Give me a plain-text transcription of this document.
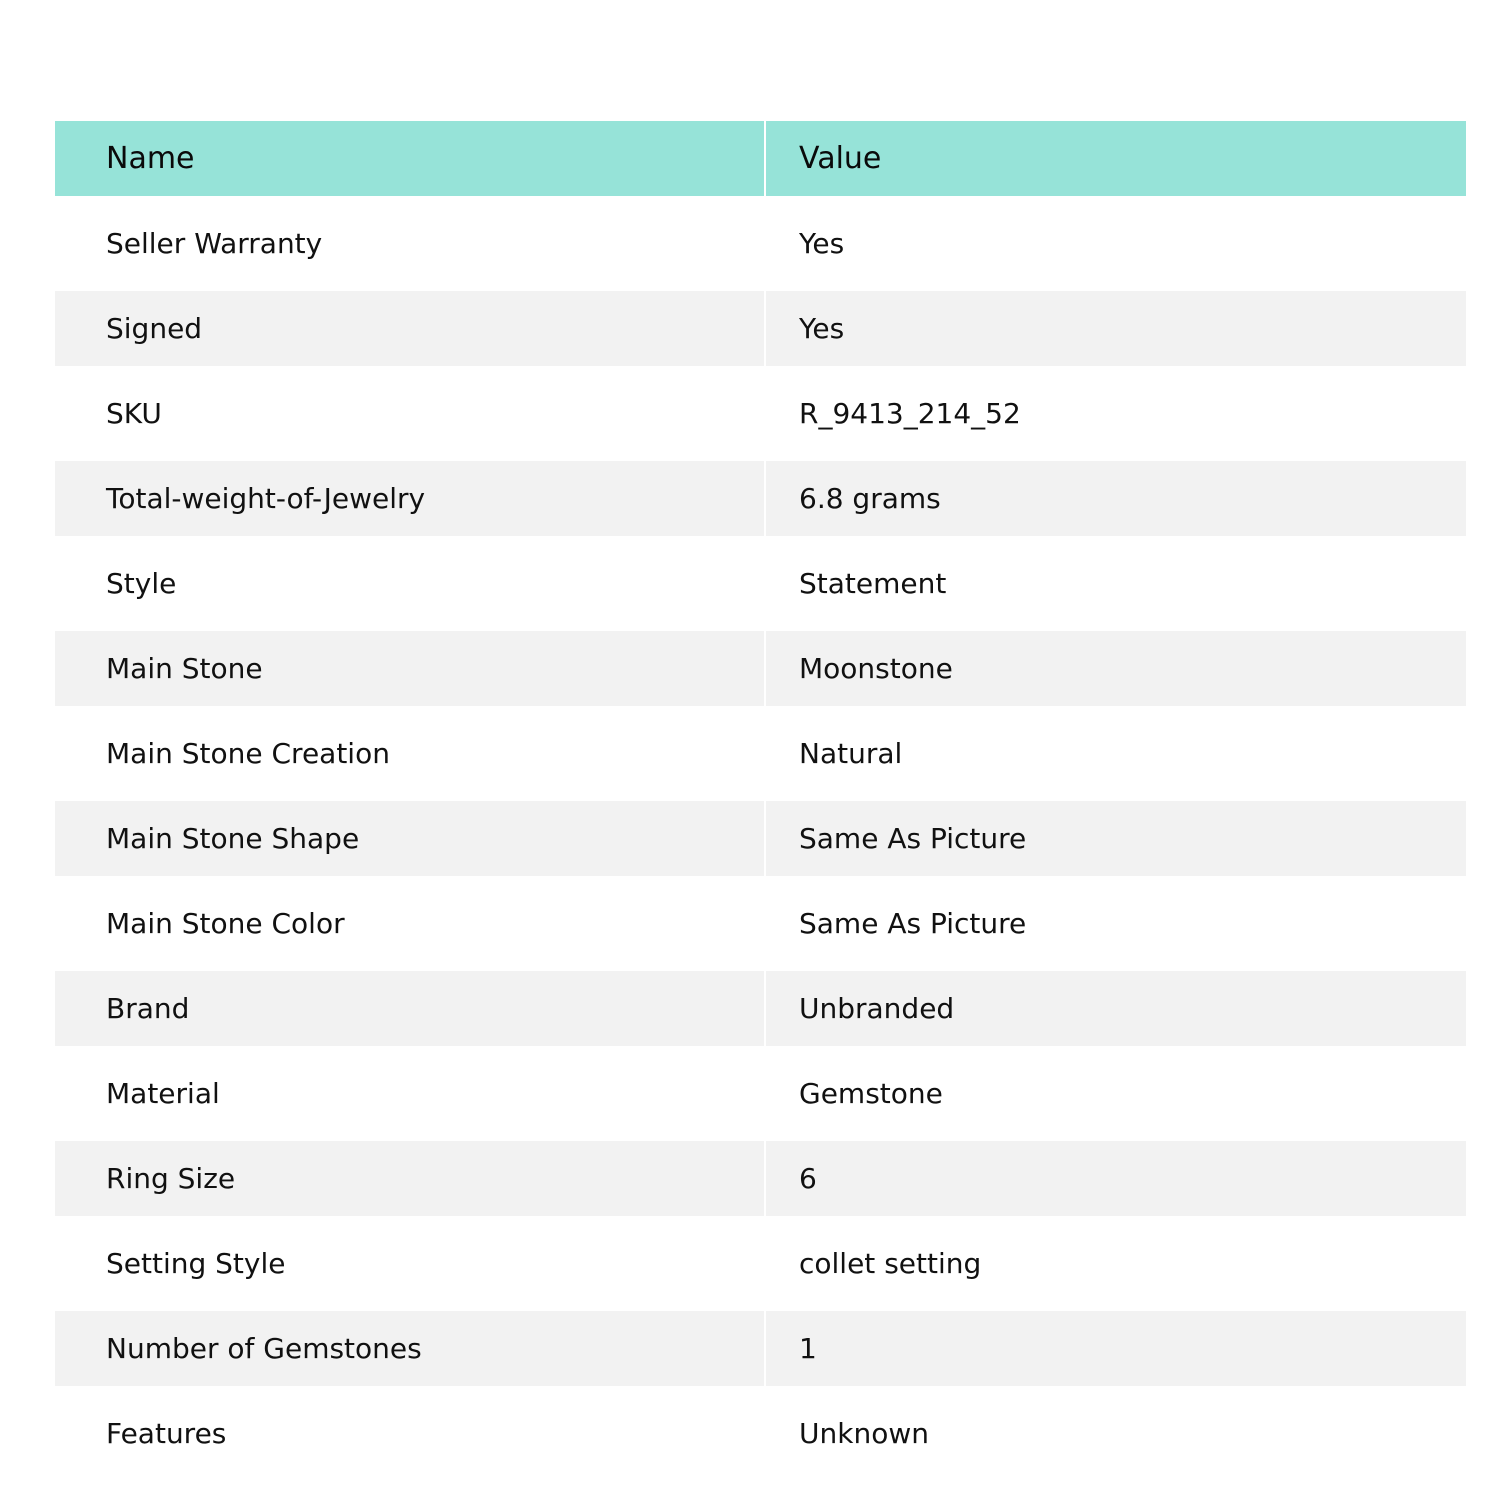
Name	Value
Seller Warranty	Yes
Signed	Yes
SKU	R_9413_214_52
Total-weight-of-Jewelry	6.8 grams
Style	Statement
Main Stone	Moonstone
Main Stone Creation	Natural
Main Stone Shape	Same As Picture
Main Stone Color	Same As Picture
Brand	Unbranded
Material	Gemstone
Ring Size	6
Setting Style	collet setting
Number of Gemstones	1
Features	Unknown
